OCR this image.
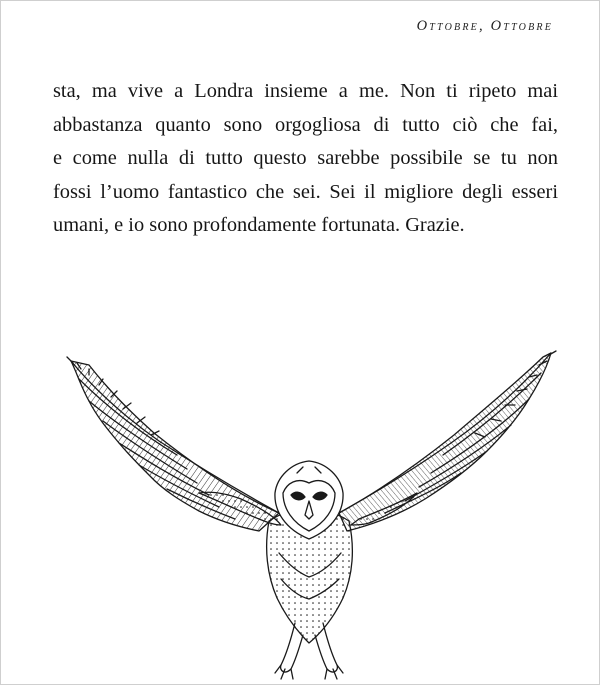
Ottobre, Ottobre

sta, ma vive a Londra insieme a me. Non ti ripeto mai
abbastanza quanto sono orgogliosa di tutto ciò che fai,
e come nulla di tutto questo sarebbe possibile se tu non
fossi l’uomo fantastico che sei. Sei il migliore degli esseri
umani, e io sono profondamente fortunata. Grazie.
